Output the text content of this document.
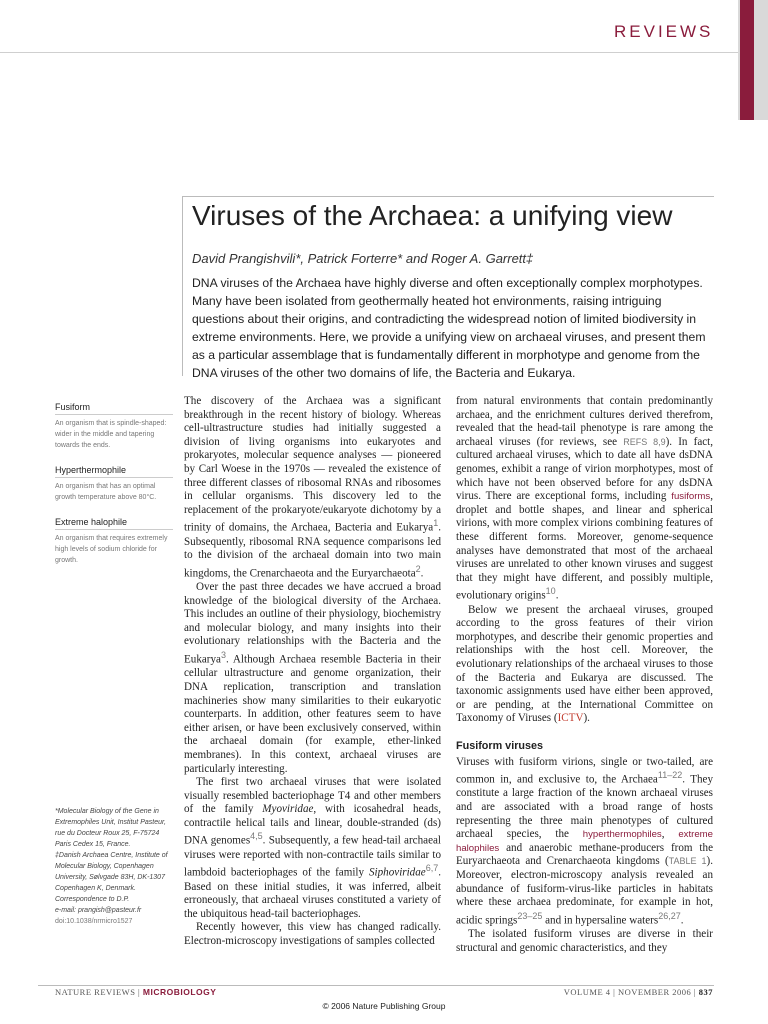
REVIEWS
Viruses of the Archaea: a unifying view
David Prangishvili*, Patrick Forterre* and Roger A. Garrett‡
DNA viruses of the Archaea have highly diverse and often exceptionally complex morphotypes. Many have been isolated from geothermally heated hot environments, raising intriguing questions about their origins, and contradicting the widespread notion of limited biodiversity in extreme environments. Here, we provide a unifying view on archaeal viruses, and present them as a particular assemblage that is fundamentally different in morphotype and genome from the DNA viruses of the other two domains of life, the Bacteria and Eukarya.
Fusiform
An organism that is spindle-shaped: wider in the middle and tapering towards the ends.
Hyperthermophile
An organism that has an optimal growth temperature above 80°C.
Extreme halophile
An organism that requires extremely high levels of sodium chloride for growth.
*Molecular Biology of the Gene in Extremophiles Unit, Institut Pasteur, rue du Docteur Roux 25, F-75724 Paris Cedex 15, France.
‡Danish Archaea Centre, Institute of Molecular Biology, Copenhagen University, Sølvgade 83H, DK-1307 Copenhagen K, Denmark.
Correspondence to D.P.
e-mail: prangish@pasteur.fr
doi:10.1038/nrmicro1527

The discovery of the Archaea was a significant breakthrough in the recent history of biology. Whereas cell-ultrastructure studies had initially suggested a division of living organisms into eukaryotes and prokaryotes, molecular sequence analyses — pioneered by Carl Woese in the 1970s — revealed the existence of three different classes of ribosomal RNAs and ribosomes in cellular organisms. This discovery led to the replacement of the prokaryote/eukaryote dichotomy by a trinity of domains, the Archaea, Bacteria and Eukarya$^1$. Subsequently, ribosomal RNA sequence comparisons led to the division of the archaeal domain into two main kingdoms, the Crenarchaeota and the Euryarchaeota$^2$.

Over the past three decades we have accrued a broad knowledge of the biological diversity of the Archaea. This includes an outline of their physiology, biochemistry and molecular biology, and many insights into their evolutionary relationships with the Bacteria and the Eukarya$^3$. Although Archaea resemble Bacteria in their cellular ultrastructure and genome organization, their DNA replication, transcription and translation machineries show many similarities to their eukaryotic counterparts. In addition, other features seem to have either arisen, or have been exclusively conserved, within the archaeal domain (for example, ether-linked membranes). In this context, archaeal viruses are particularly interesting.

The first two archaeal viruses that were isolated visually resembled bacteriophage T4 and other members of the family Myoviridae, with icosahedral heads, contractile helical tails and linear, double-stranded (ds) DNA genomes$^{4,5}$. Subsequently, a few head-tail archaeal viruses were reported with non-contractile tails similar to lambdoid bacteriophages of the family Siphoviridae$^{6,7}$. Based on these initial studies, it was inferred, albeit erroneously, that archaeal viruses constituted a variety of the ubiquitous head-tail bacteriophages.

Recently however, this view has changed radically. Electron-microscopy investigations of samples collected

from natural environments that contain predominantly archaea, and the enrichment cultures derived therefrom, revealed that the head-tail phenotype is rare among the archaeal viruses (for reviews, see REFS 8,9). In fact, cultured archaeal viruses, which to date all have dsDNA genomes, exhibit a range of virion morphotypes, most of which have not been observed before for any dsDNA virus. There are exceptional forms, including fusiforms, droplet and bottle shapes, and linear and spherical virions, with more complex virions combining features of these different forms. Moreover, genome-sequence analyses have demonstrated that most of the archaeal viruses are unrelated to other known viruses and suggest that they might have different, and possibly multiple, evolutionary origins$^{10}$.

Below we present the archaeal viruses, grouped according to the gross features of their virion morphotypes, and describe their genomic properties and relationships with the host cell. Moreover, the evolutionary relationships of the archaeal viruses to those of the Bacteria and Eukarya are discussed. The taxonomic assignments used have either been approved, or are pending, at the International Committee on Taxonomy of Viruses (ICTV).

Fusiform viruses

Viruses with fusiform virions, single or two-tailed, are common in, and exclusive to, the Archaea$^{11-22}$. They constitute a large fraction of the known archaeal viruses and are associated with a broad range of hosts representing the three main phenotypes of cultured archaeal species, the hyperthermophiles, extreme halophiles and anaerobic methane-producers from the Euryarchaeota and Crenarchaeota kingdoms (TABLE 1). Moreover, electron-microscopy analysis revealed an abundance of fusiform-virus-like particles in habitats where these archaea predominate, for example in hot, acidic springs$^{23-25}$ and in hypersaline waters$^{26,27}$.

The isolated fusiform viruses are diverse in their structural and genomic characteristics, and they

NATURE REVIEWS | MICROBIOLOGY	VOLUME 4 | NOVEMBER 2006 | 837
© 2006 Nature Publishing Group
